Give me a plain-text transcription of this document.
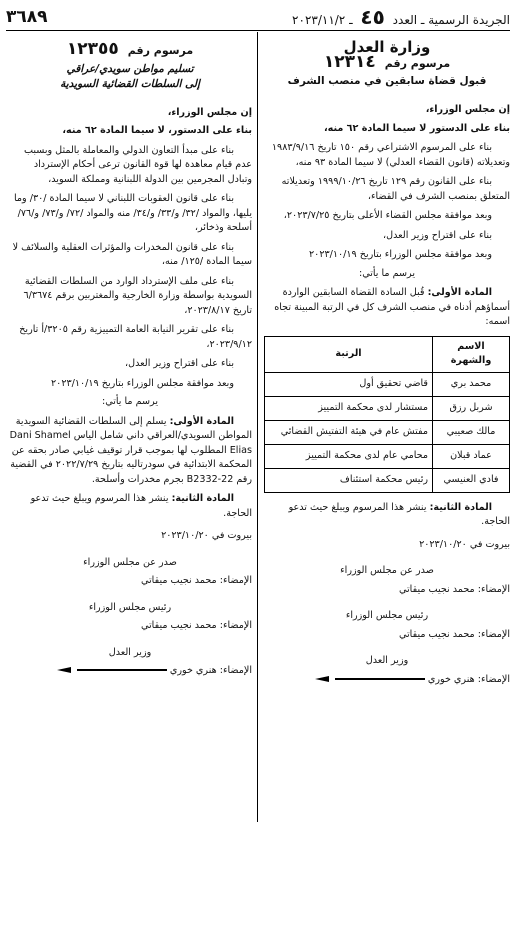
الجريدة الرسمية ـ العدد ٤٥ ـ ٢٠٢٣/١١/٢
٣٦٨٩
وزارة العدل
مرسوم رقم ١٢٣١٤
قبول قضاة سابقين في منصب الشرف

إن مجلس الوزراء،

بناء على الدستور لا سيما المادة ٦٢ منه،

بناء على المرسوم الاشتراعي رقم ١٥٠ تاريخ ١٩٨٣/٩/١٦ وتعديلاته (قانون القضاء العدلي) لا سيما المادة ٩٣ منه،

بناء على القانون رقم ١٢٩ تاريخ ١٩٩٩/١٠/٢٦ وتعديلاته المتعلق بمنصب الشرف في القضاء،

وبعد موافقة مجلس القضاء الأعلى بتاريخ ٢٠٢٣/٧/٢٥،

بناء على اقتراح وزير العدل،

وبعد موافقة مجلس الوزراء بتاريخ ٢٠٢٣/١٠/١٩

يرسم ما يأتي:

المادة الأولى: قُبل السادة القضاة السابقين الواردة أسماؤهم أدناه في منصب الشرف كل في الرتبة المبينة تجاه اسمه:

الاسم والشهرة	الرتبة
محمد بري	قاضي تحقيق أول
شربل رزق	مستشار لدى محكمة التمييز
مالك صعيبي	مفتش عام في هيئة التفتيش القضائي
عماد قبلان	محامي عام لدى محكمة التمييز
فادي العنيسي	رئيس محكمة استئناف

المادة الثانية: ينشر هذا المرسوم ويبلغ حيث تدعو الحاجة.

بيروت في ٢٠٢٣/١٠/٢٠

صدر عن مجلس الوزراء

الإمضاء: محمد نجيب ميقاتي

رئيس مجلس الوزراء

الإمضاء: محمد نجيب ميقاتي

وزير العدل

الإمضاء: هنري خوري

مرسوم رقم ١٢٣٥٥
تسليم مواطن سويدي/عراقي
إلى السلطات القضائية السويدية

إن مجلس الوزراء،

بناء على الدستور، لا سيما المادة ٦٢ منه،

بناء على مبدأ التعاون الدولي والمعاملة بالمثل وبسبب عدم قيام معاهدة لها قوة القانون ترعى أحكام الإسترداد وتبادل المجرمين بين الدولة اللبنانية ومملكة السويد،

بناء على قانون العقوبات اللبناني لا سيما المادة /٣٠/ وما يليها، والمواد /٣٢/ و/٣٣/ و/٣٤/ منه والمواد /٧٢/ و/٧٣/ و/٧٦/ أسلحة وذخائر،

بناء على قانون المخدرات والمؤثرات العقلية والسلائف لا سيما المادة /١٢٥/ منه،

بناء على ملف الإسترداد الوارد من السلطات القضائية السويدية بواسطة وزارة الخارجية والمغتربين برقم ٦/٣٦٧٤ تاريخ ٢٠٢٣/٨/١٧،

بناء على تقرير النيابة العامة التمييزية رقم ٣٢٠٥/أ تاريخ ٢٠٢٣/٩/١٢،

بناء على اقتراح وزير العدل،

وبعد موافقة مجلس الوزراء بتاريخ ٢٠٢٣/١٠/١٩

يرسم ما يأتي:

المادة الأولى: يسلم إلى السلطات القضائية السويدية المواطن السويدي/العراقي داني شامل الياس Dani Shamel Elias المطلوب لها بموجب قرار توقيف غيابي صادر بحقه عن المحكمة الابتدائية في سودرتاليه بتاريخ ٢٠٢٢/٧/٢٩ في القضية رقم B2332-22 بجرم مخدرات وأسلحة.

المادة الثانية: ينشر هذا المرسوم ويبلغ حيث تدعو الحاجة.

بيروت في ٢٠٢٣/١٠/٢٠

صدر عن مجلس الوزراء

الإمضاء: محمد نجيب ميقاتي

رئيس مجلس الوزراء

الإمضاء: محمد نجيب ميقاتي

وزير العدل

الإمضاء: هنري خوري
